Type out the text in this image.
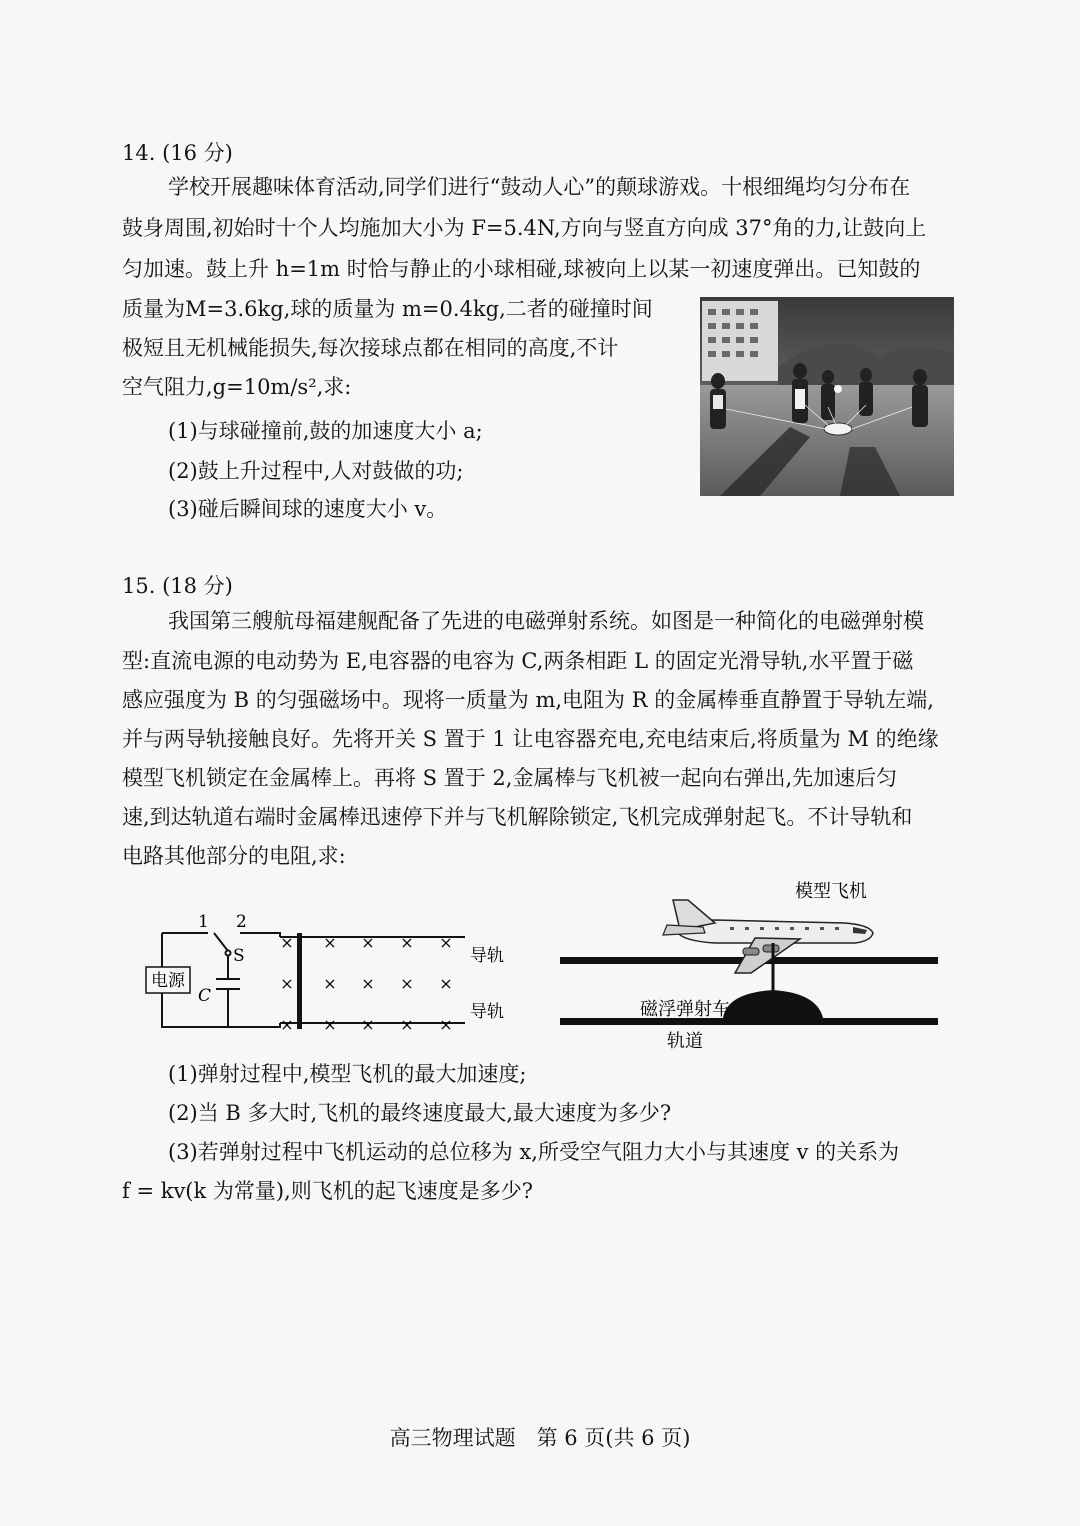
14. (16 分)
学校开展趣味体育活动,同学们进行“鼓动人心”的颠球游戏。十根细绳均匀分布在
鼓身周围,初始时十个人均施加大小为 F=5.4N,方向与竖直方向成 37°角的力,让鼓向上
匀加速。鼓上升 h=1m 时恰与静止的小球相碰,球被向上以某一初速度弹出。已知鼓的
质量为M=3.6kg,球的质量为 m=0.4kg,二者的碰撞时间
极短且无机械能损失,每次接球点都在相同的高度,不计
空气阻力,g=10m/s²,求:
(1)与球碰撞前,鼓的加速度大小 a;
(2)鼓上升过程中,人对鼓做的功;
(3)碰后瞬间球的速度大小 v。
15. (18 分)
我国第三艘航母福建舰配备了先进的电磁弹射系统。如图是一种简化的电磁弹射模
型:直流电源的电动势为 E,电容器的电容为 C,两条相距 L 的固定光滑导轨,水平置于磁
感应强度为 B 的匀强磁场中。现将一质量为 m,电阻为 R 的金属棒垂直静置于导轨左端,
并与两导轨接触良好。先将开关 S 置于 1 让电容器充电,充电结束后,将质量为 M 的绝缘
模型飞机锁定在金属棒上。再将 S 置于 2,金属棒与飞机被一起向右弹出,先加速后匀
速,到达轨道右端时金属棒迅速停下并与飞机解除锁定,飞机完成弹射起飞。不计导轨和
电路其他部分的电阻,求:
电源
1 2
S
C
导轨
导轨
× × × × ×
× × × × ×
× × × × ×
模型飞机
磁浮弹射车
轨道
(1)弹射过程中,模型飞机的最大加速度;
(2)当 B 多大时,飞机的最终速度最大,最大速度为多少?
(3)若弹射过程中飞机运动的总位移为 x,所受空气阻力大小与其速度 v 的关系为
f = kv(k 为常量),则飞机的起飞速度是多少?
高三物理试题　第 6 页(共 6 页)
